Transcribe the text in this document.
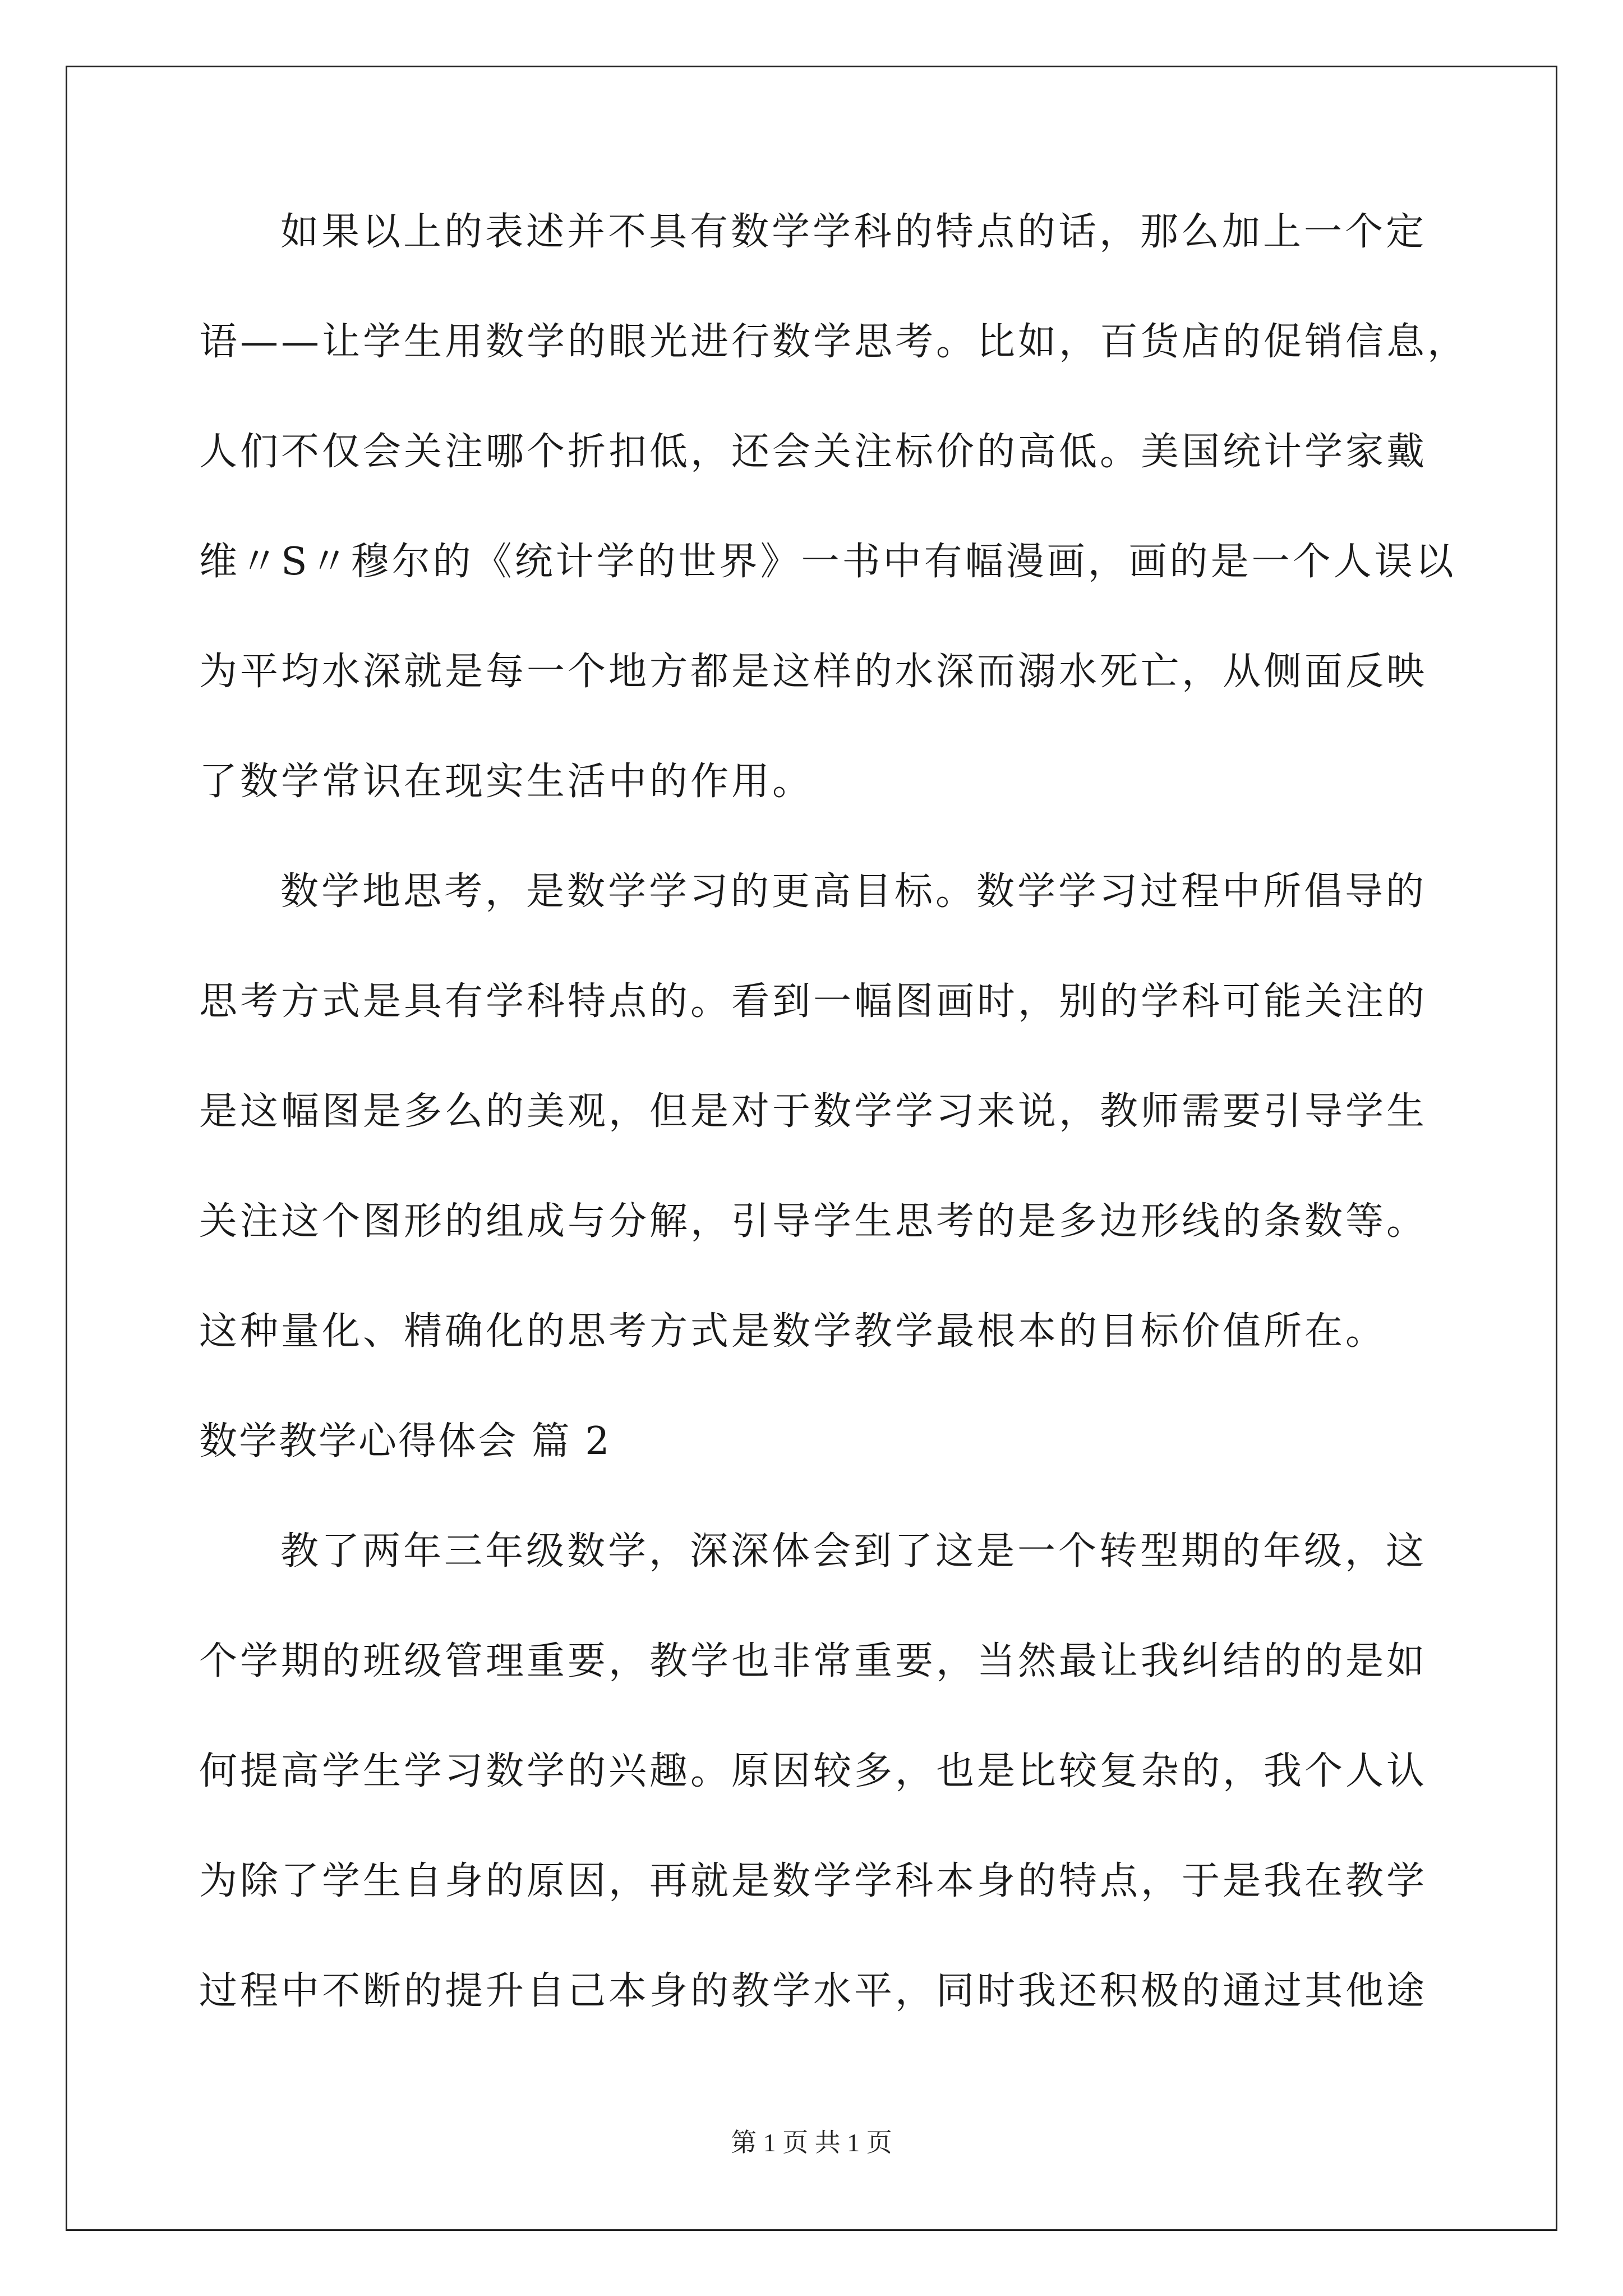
如果以上的表述并不具有数学学科的特点的话，那么加上一个定
语——让学生用数学的眼光进行数学思考。比如，百货店的促销信息，
人们不仅会关注哪个折扣低，还会关注标价的高低。美国统计学家戴
维〃S〃穆尔的《统计学的世界》一书中有幅漫画，画的是一个人误以
为平均水深就是每一个地方都是这样的水深而溺水死亡，从侧面反映
了数学常识在现实生活中的作用。
数学地思考，是数学学习的更高目标。数学学习过程中所倡导的
思考方式是具有学科特点的。看到一幅图画时，别的学科可能关注的
是这幅图是多么的美观，但是对于数学学习来说，教师需要引导学生
关注这个图形的组成与分解，引导学生思考的是多边形线的条数等。
这种量化、精确化的思考方式是数学教学最根本的目标价值所在。
数学教学心得体会 篇 2
教了两年三年级数学，深深体会到了这是一个转型期的年级，这
个学期的班级管理重要，教学也非常重要，当然最让我纠结的的是如
何提高学生学习数学的兴趣。原因较多，也是比较复杂的，我个人认
为除了学生自身的原因，再就是数学学科本身的特点，于是我在教学
过程中不断的提升自己本身的教学水平，同时我还积极的通过其他途
第 1 页 共 1 页
